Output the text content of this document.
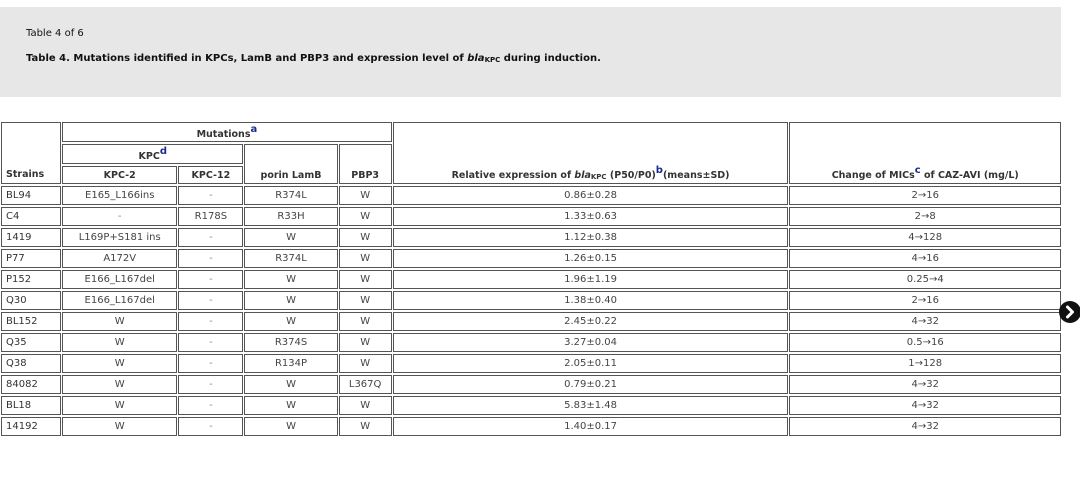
Table 4 of 6
Table 4. Mutations identified in KPCs, LamB and PBP3 and expression level of blaKPC during induction.
Strains	Mutationsa				Relative expression of blaKPC (P50/P0)b(means±SD)	Change of MICsc of CAZ-AVI (mg/L)
	KPCd		porin LamB	PBP3		
	KPC-2	KPC-12				
BL94	E165_L166ins	-	R374L	W	0.86±0.28	2→16
C4	-	R178S	R33H	W	1.33±0.63	2→8
1419	L169P+S181 ins	-	W	W	1.12±0.38	4→128
P77	A172V	-	R374L	W	1.26±0.15	4→16
P152	E166_L167del	-	W	W	1.96±1.19	0.25→4
Q30	E166_L167del	-	W	W	1.38±0.40	2→16
BL152	W	-	W	W	2.45±0.22	4→32
Q35	W	-	R374S	W	3.27±0.04	0.5→16
Q38	W	-	R134P	W	2.05±0.11	1→128
84082	W	-	W	L367Q	0.79±0.21	4→32
BL18	W	-	W	W	5.83±1.48	4→32
14192	W	-	W	W	1.40±0.17	4→32
